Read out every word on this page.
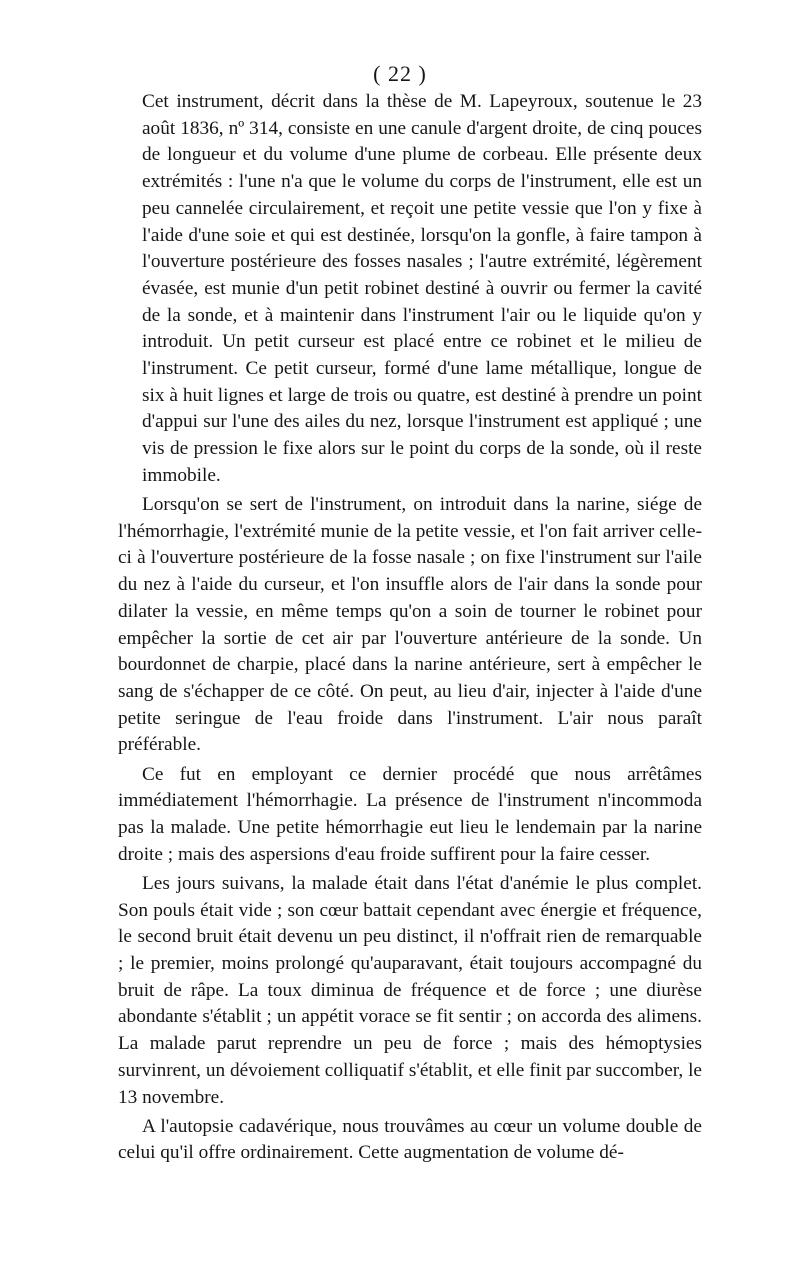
( 22 )

Cet instrument, décrit dans la thèse de M. Lapeyroux, soutenue le 23 août 1836, nº 314, consiste en une canule d'argent droite, de cinq pouces de longueur et du volume d'une plume de corbeau. Elle présente deux extrémités : l'une n'a que le volume du corps de l'instrument, elle est un peu cannelée circulairement, et reçoit une petite vessie que l'on y fixe à l'aide d'une soie et qui est destinée, lorsqu'on la gonfle, à faire tampon à l'ouverture postérieure des fosses nasales ; l'autre extrémité, légèrement évasée, est munie d'un petit robinet destiné à ouvrir ou fermer la cavité de la sonde, et à maintenir dans l'instrument l'air ou le liquide qu'on y introduit. Un petit curseur est placé entre ce robinet et le milieu de l'instrument. Ce petit curseur, formé d'une lame métallique, longue de six à huit lignes et large de trois ou quatre, est destiné à prendre un point d'appui sur l'une des ailes du nez, lorsque l'instrument est appliqué ; une vis de pression le fixe alors sur le point du corps de la sonde, où il reste immobile.

Lorsqu'on se sert de l'instrument, on introduit dans la narine, siége de l'hémorrhagie, l'extrémité munie de la petite vessie, et l'on fait arriver celle-ci à l'ouverture postérieure de la fosse nasale ; on fixe l'instrument sur l'aile du nez à l'aide du curseur, et l'on insuffle alors de l'air dans la sonde pour dilater la vessie, en même temps qu'on a soin de tourner le robinet pour empêcher la sortie de cet air par l'ouverture antérieure de la sonde. Un bourdonnet de charpie, placé dans la narine antérieure, sert à empêcher le sang de s'échapper de ce côté. On peut, au lieu d'air, injecter à l'aide d'une petite seringue de l'eau froide dans l'instrument. L'air nous paraît préférable.

Ce fut en employant ce dernier procédé que nous arrêtâmes immédiatement l'hémorrhagie. La présence de l'instrument n'incommoda pas la malade. Une petite hémorrhagie eut lieu le lendemain par la narine droite ; mais des aspersions d'eau froide suffirent pour la faire cesser.

Les jours suivans, la malade était dans l'état d'anémie le plus complet. Son pouls était vide ; son cœur battait cependant avec énergie et fréquence, le second bruit était devenu un peu distinct, il n'offrait rien de remarquable ; le premier, moins prolongé qu'auparavant, était toujours accompagné du bruit de râpe. La toux diminua de fréquence et de force ; une diurèse abondante s'établit ; un appétit vorace se fit sentir ; on accorda des alimens. La malade parut reprendre un peu de force ; mais des hémoptysies survinrent, un dévoiement colliquatif s'établit, et elle finit par succomber, le 13 novembre.

A l'autopsie cadavérique, nous trouvâmes au cœur un volume double de celui qu'il offre ordinairement. Cette augmentation de volume dé-
